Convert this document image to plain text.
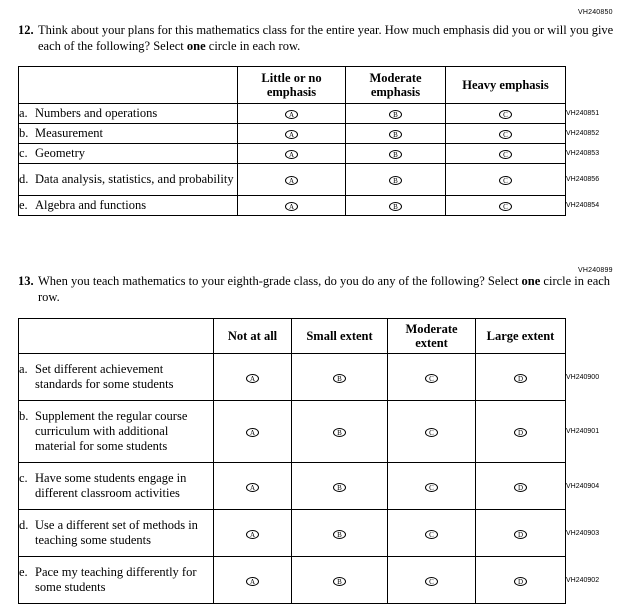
VH240850
12. Think about your plans for this mathematics class for the entire year. How much emphasis did you or will you give each of the following? Select one circle in each row.
	Little or no emphasis	Moderate emphasis	Heavy emphasis	
a. Numbers and operations	A	B	C	VH240851
b. Measurement	A	B	C	VH240852
c. Geometry	A	B	C	VH240853
d. Data analysis, statistics, and probability	A	B	C	VH240856
e. Algebra and functions	A	B	C	VH240854
VH240899
13. When you teach mathematics to your eighth-grade class, do you do any of the following? Select one circle in each row.
	Not at all	Small extent	Moderate extent	Large extent	
a. Set different achievement standards for some students	A	B	C	D	VH240900
b. Supplement the regular course curriculum with additional material for some students	A	B	C	D	VH240901
c. Have some students engage in different classroom activities	A	B	C	D	VH240904
d. Use a different set of methods in teaching some students	A	B	C	D	VH240903
e. Pace my teaching differently for some students	A	B	C	D	VH240902
